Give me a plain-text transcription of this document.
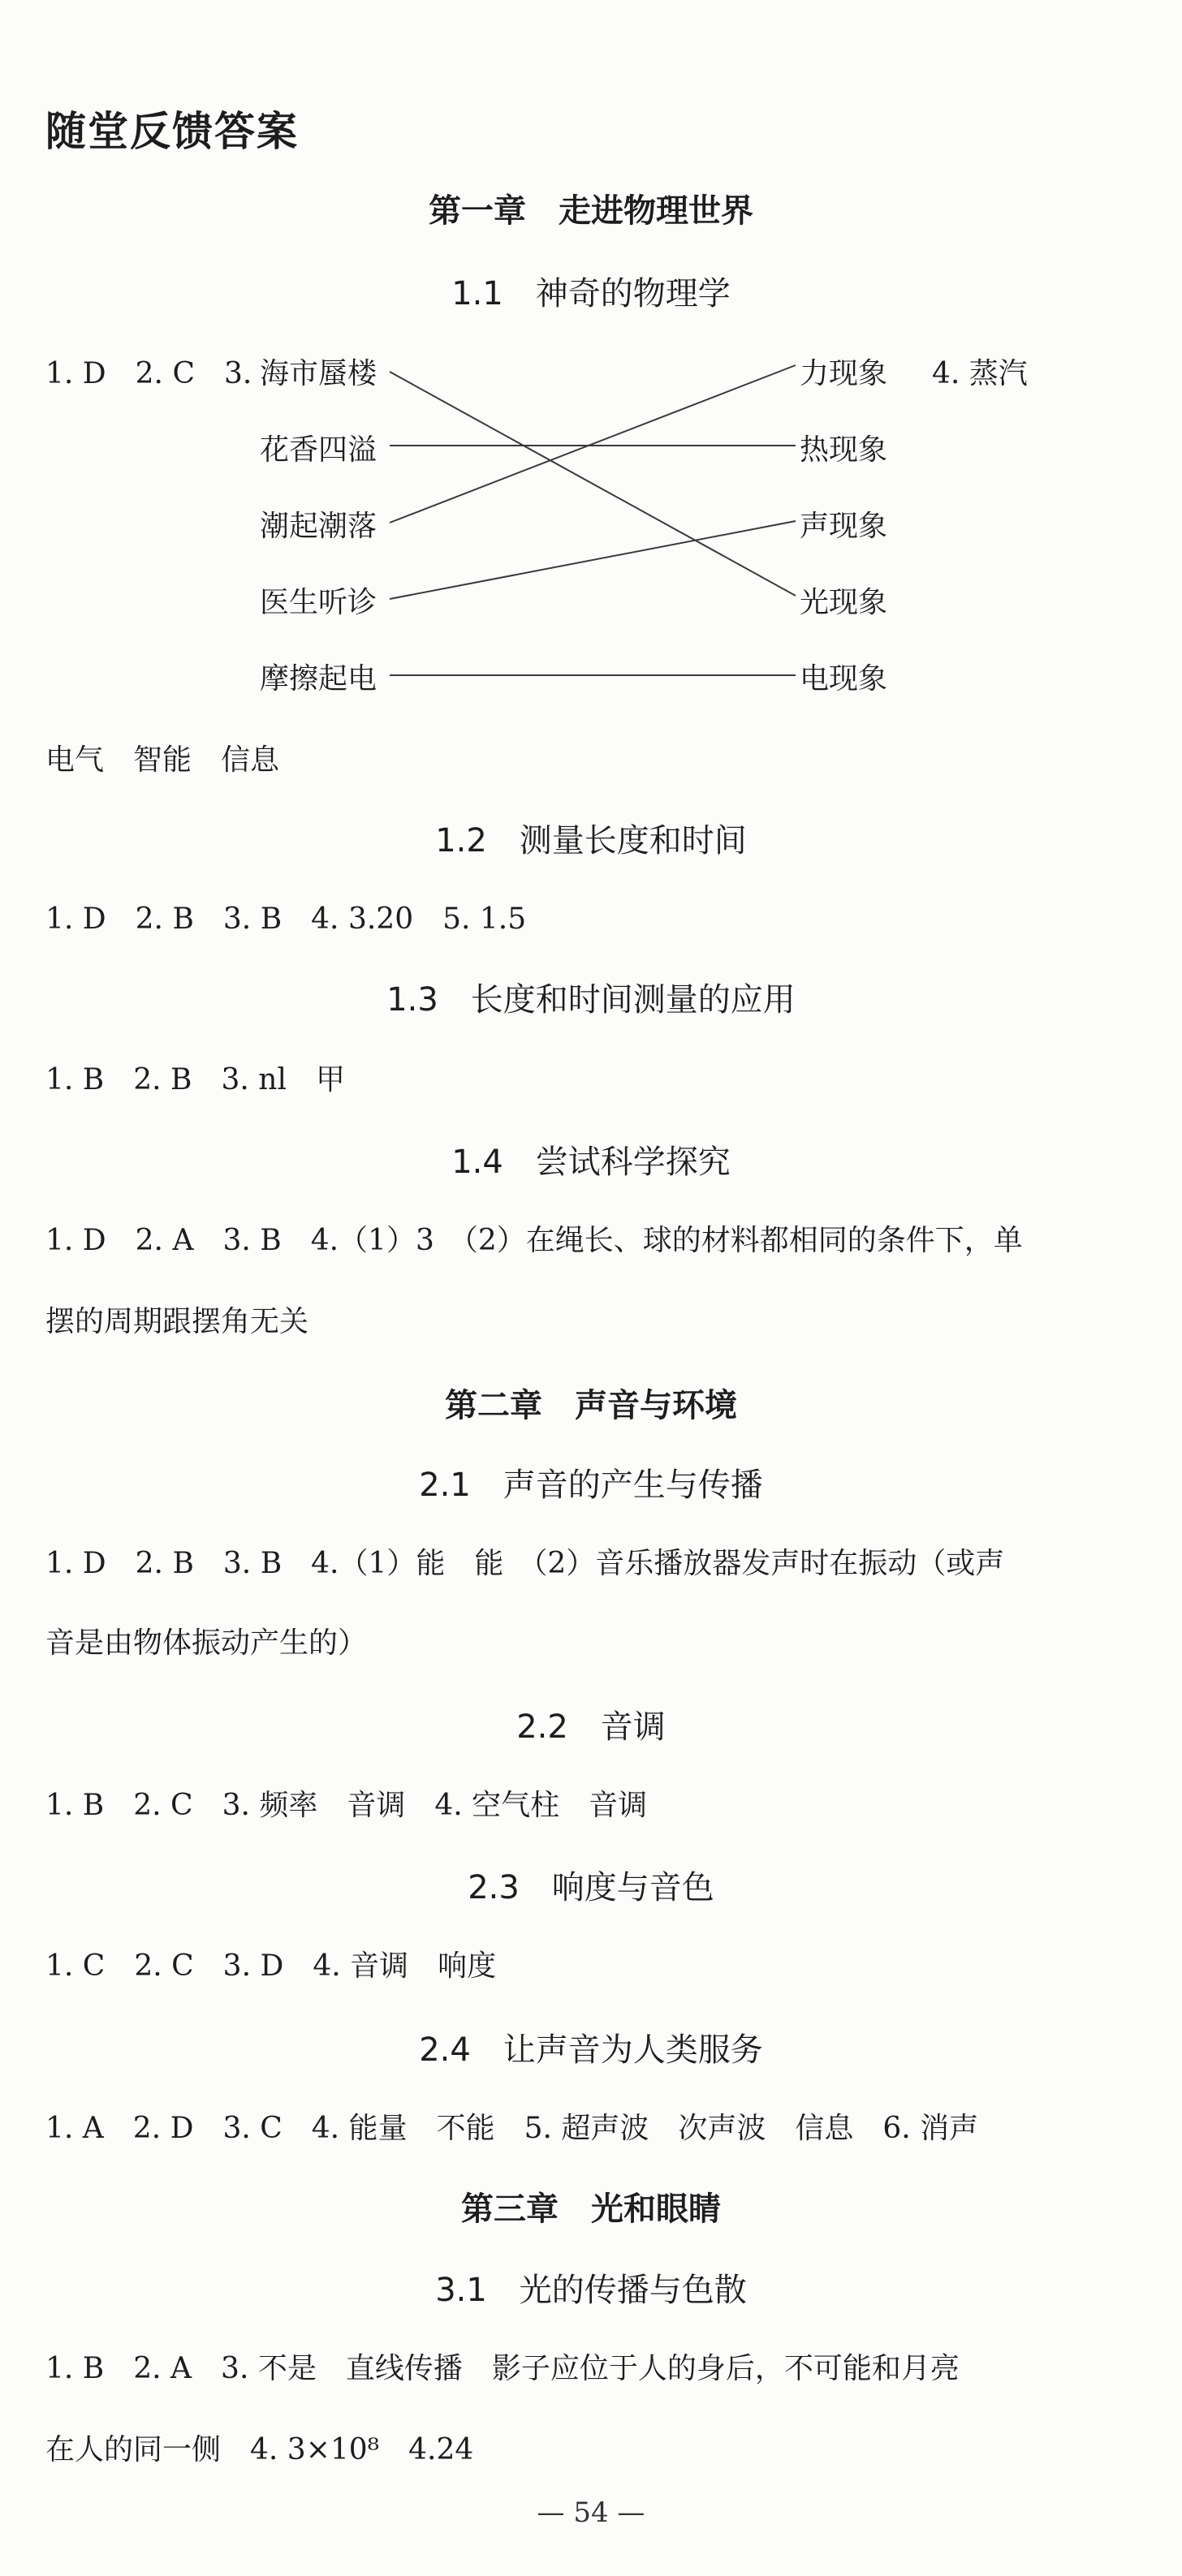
随堂反馈答案
第一章　走进物理世界
1.1　神奇的物理学
1. D　2. C　3. 海市蜃楼
花香四溢
潮起潮落
医生听诊
摩擦起电
力现象
热现象
声现象
光现象
电现象
4. 蒸汽
电气　智能　信息
1.2　测量长度和时间
1. D　2. B　3. B　4. 3.20　5. 1.5
1.3　长度和时间测量的应用
1. B　2. B　3. nl　甲
1.4　尝试科学探究
1. D　2. A　3. B　4.（1）3　（2）在绳长、球的材料都相同的条件下，单
摆的周期跟摆角无关
第二章　声音与环境
2.1　声音的产生与传播
1. D　2. B　3. B　4.（1）能　能　（2）音乐播放器发声时在振动（或声
音是由物体振动产生的）
2.2　音调
1. B　2. C　3. 频率　音调　4. 空气柱　音调
2.3　响度与音色
1. C　2. C　3. D　4. 音调　响度
2.4　让声音为人类服务
1. A　2. D　3. C　4. 能量　不能　5. 超声波　次声波　信息　6. 消声
第三章　光和眼睛
3.1　光的传播与色散
1. B　2. A　3. 不是　直线传播　影子应位于人的身后，不可能和月亮
在人的同一侧　4. 3×10⁸　4.24
— 54 —
